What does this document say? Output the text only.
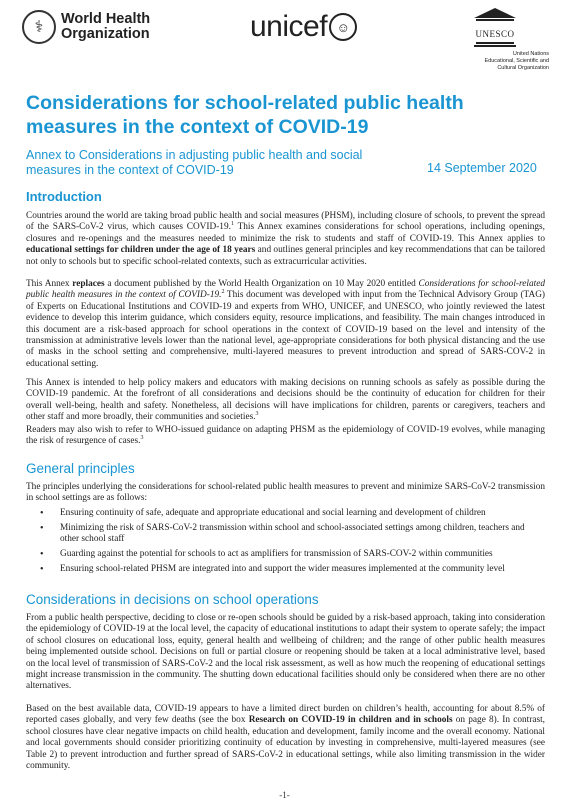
⚕	World Health
Organization	unicef ☺	UNESCO
United Nations
Educational, Scientific and
Cultural Organization
Considerations for school-related public health measures in the context of COVID-19
Annex to Considerations in adjusting public health and social measures in the context of COVID-19	14 September 2020
Introduction
Countries around the world are taking broad public health and social measures (PHSM), including closure of schools, to prevent the spread of the SARS-CoV-2 virus, which causes COVID-19.$^1$ This Annex examines considerations for school operations, including openings, closures and re-openings and the measures needed to minimize the risk to students and staff of COVID-19. This Annex applies to educational settings for children under the age of 18 years and outlines general principles and key recommendations that can be tailored not only to schools but to specific school-related contexts, such as extracurricular activities.
This Annex replaces a document published by the World Health Organization on 10 May 2020 entitled Considerations for school-related public health measures in the context of COVID-19.$^2$ This document was developed with input from the Technical Advisory Group (TAG) of Experts on Educational Institutions and COVID-19 and experts from WHO, UNICEF, and UNESCO, who jointly reviewed the latest evidence to develop this interim guidance, which considers equity, resource implications, and feasibility. The main changes introduced in this document are a risk-based approach for school operations in the context of COVID-19 based on the level and intensity of the transmission at administrative levels lower than the national level, age-appropriate considerations for both physical distancing and the use of masks in the school setting and comprehensive, multi-layered measures to prevent introduction and spread of SARS-COV-2 in educational setting.
This Annex is intended to help policy makers and educators with making decisions on running schools as safely as possible during the COVID-19 pandemic. At the forefront of all considerations and decisions should be the continuity of education for children for their overall well-being, health and safety. Nonetheless, all decisions will have implications for children, parents or caregivers, teachers and other staff and more broadly, their communities and societies.$^3$
Readers may also wish to refer to WHO-issued guidance on adapting PHSM as the epidemiology of COVID-19 evolves, while managing the risk of resurgence of cases.$^3$
General principles
The principles underlying the considerations for school-related public health measures to prevent and minimize SARS-CoV-2 transmission in school settings are as follows:
• Ensuring continuity of safe, adequate and appropriate educational and social learning and development of children
• Minimizing the risk of SARS-CoV-2 transmission within school and school-associated settings among children, teachers and other school staff
• Guarding against the potential for schools to act as amplifiers for transmission of SARS-COV-2 within communities
• Ensuring school-related PHSM are integrated into and support the wider measures implemented at the community level
Considerations in decisions on school operations
From a public health perspective, deciding to close or re-open schools should be guided by a risk-based approach, taking into consideration the epidemiology of COVID-19 at the local level, the capacity of educational institutions to adapt their system to operate safely; the impact of school closures on educational loss, equity, general health and wellbeing of children; and the range of other public health measures being implemented outside school. Decisions on full or partial closure or reopening should be taken at a local administrative level, based on the local level of transmission of SARS-CoV-2 and the local risk assessment, as well as how much the reopening of educational settings might increase transmission in the community. The shutting down educational facilities should only be considered when there are no other alternatives.
Based on the best available data, COVID-19 appears to have a limited direct burden on children’s health, accounting for about 8.5% of reported cases globally, and very few deaths (see the box Research on COVID-19 in children and in schools on page 8). In contrast, school closures have clear negative impacts on child health, education and development, family income and the overall economy. National and local governments should consider prioritizing continuity of education by investing in comprehensive, multi-layered measures (see Table 2) to prevent introduction and further spread of SARS-CoV-2 in educational settings, while also limiting transmission in the wider community.
-1-
